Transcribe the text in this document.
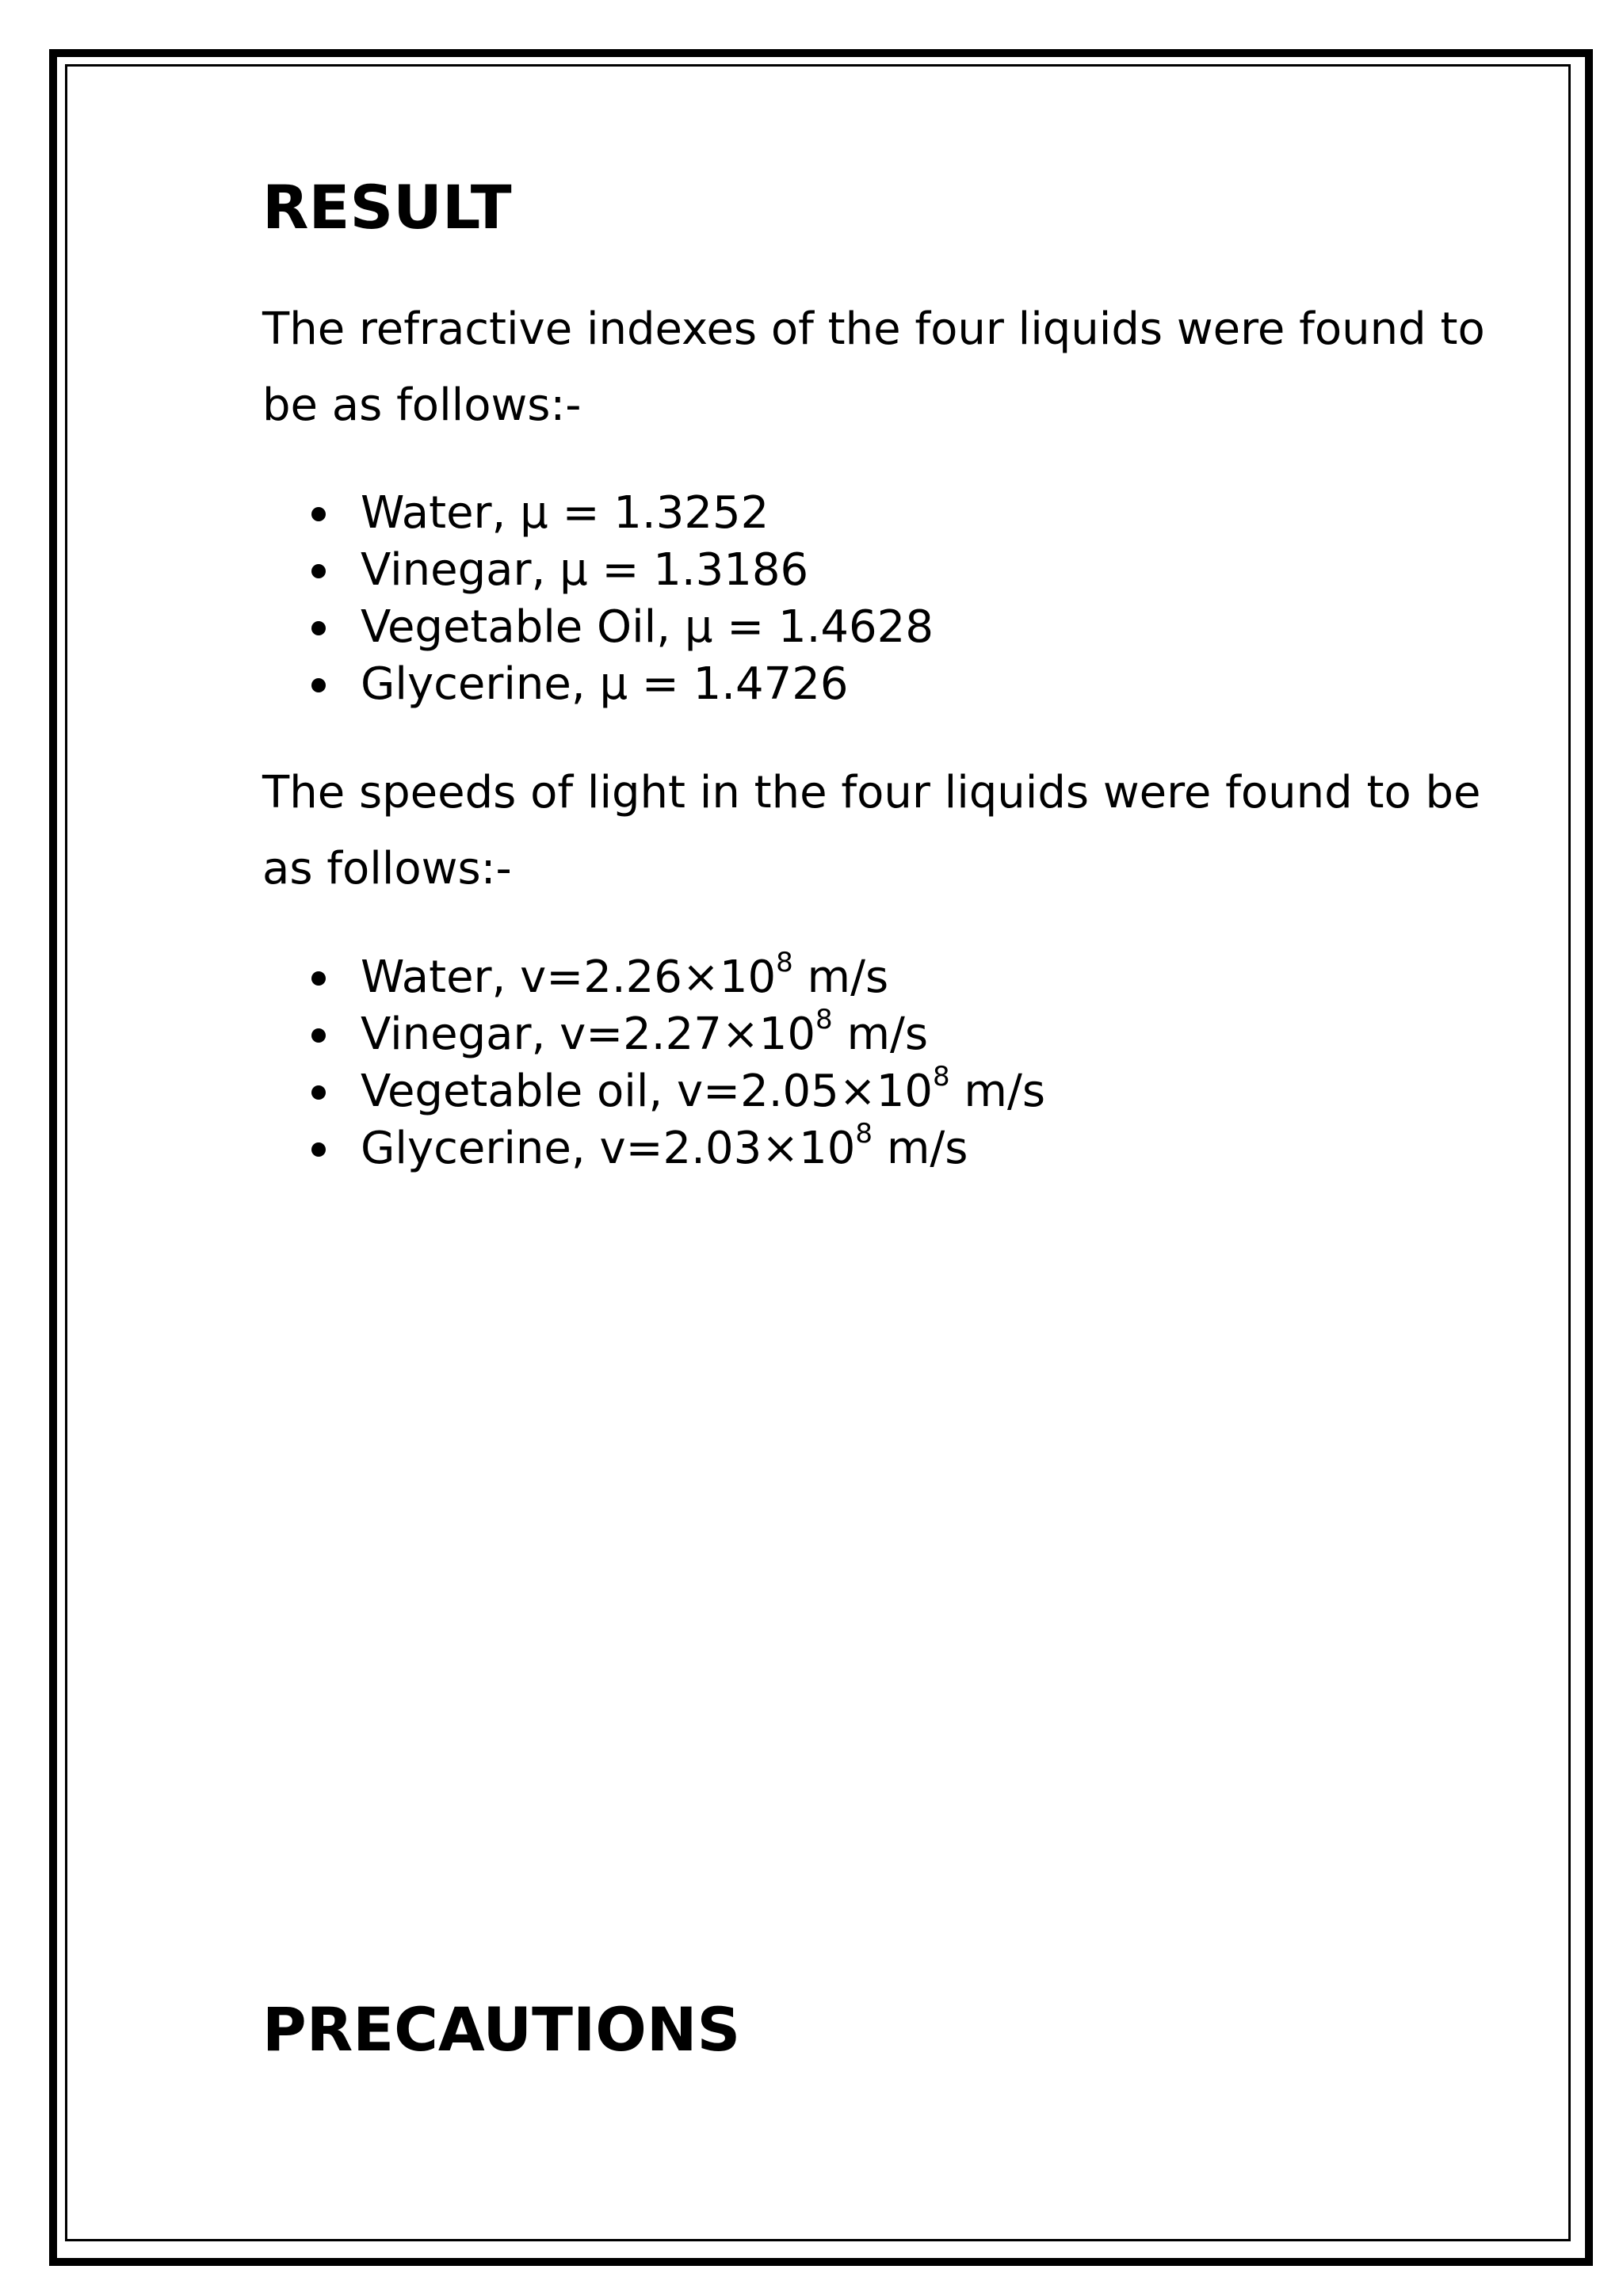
RESULT

The refractive indexes of the four liquids were found to be as follows:-

Water, μ = 1.3252
Vinegar, μ = 1.3186
Vegetable Oil, μ = 1.4628
Glycerine, μ = 1.4726

The speeds of light in the four liquids were found to be as follows:-

Water, $v=2.26\times 10^8$ m/s
Vinegar, $v=2.27\times 10^8$ m/s
Vegetable oil, $v=2.05\times 10^8$ m/s
Glycerine, $v=2.03\times 10^8$ m/s
PRECAUTIONS
